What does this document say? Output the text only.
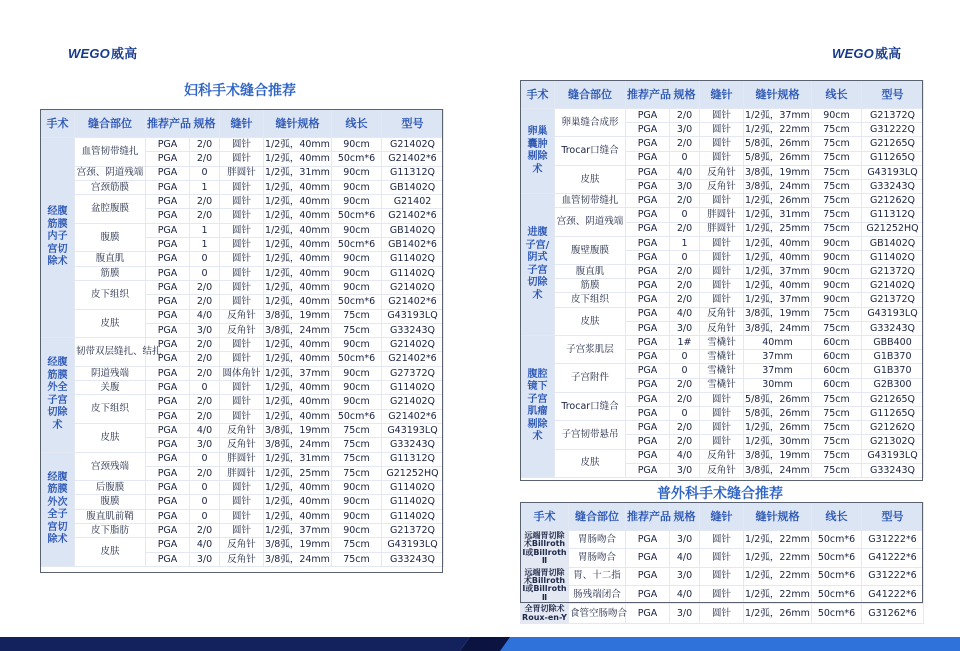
WEGO威高	WEGO威高
妇科手术缝合推荐
手术	缝合部位	推荐产品	规格	缝针	缝针规格	线长	型号
经腹筋膜内子宫切除术	血管韧带缝扎	PGA	2/0	圆针	1/2弧，40mm	90cm	G21402Q
		PGA	2/0	圆针	1/2弧，40mm	50cm*6	G21402*6
	宫颈、阴道残端	PGA	0	胖圆针	1/2弧，31mm	90cm	G11312Q
	宫颈筋膜	PGA	1	圆针	1/2弧，40mm	90cm	GB1402Q
	盆腔腹膜	PGA	2/0	圆针	1/2弧，40mm	90cm	G21402
		PGA	2/0	圆针	1/2弧，40mm	50cm*6	G21402*6
	腹膜	PGA	1	圆针	1/2弧，40mm	90cm	GB1402Q
		PGA	1	圆针	1/2弧，40mm	50cm*6	GB1402*6
	腹直肌	PGA	0	圆针	1/2弧，40mm	90cm	G11402Q
	筋膜	PGA	0	圆针	1/2弧，40mm	90cm	G11402Q
	皮下组织	PGA	2/0	圆针	1/2弧，40mm	90cm	G21402Q
		PGA	2/0	圆针	1/2弧，40mm	50cm*6	G21402*6
	皮肤	PGA	4/0	反角针	3/8弧，19mm	75cm	G43193LQ
		PGA	3/0	反角针	3/8弧，24mm	75cm	G33243Q
经腹筋膜外全子宫切除术	韧带双层缝扎、结扎	PGA	2/0	圆针	1/2弧，40mm	90cm	G21402Q
		PGA	2/0	圆针	1/2弧，40mm	50cm*6	G21402*6
	阴道残端	PGA	2/0	圆体角针	1/2弧，37mm	90cm	G27372Q
	关腹	PGA	0	圆针	1/2弧，40mm	90cm	G11402Q
	皮下组织	PGA	2/0	圆针	1/2弧，40mm	90cm	G21402Q
		PGA	2/0	圆针	1/2弧，40mm	50cm*6	G21402*6
	皮肤	PGA	4/0	反角针	3/8弧，19mm	75cm	G43193LQ
		PGA	3/0	反角针	3/8弧，24mm	75cm	G33243Q
经腹筋膜外次全子宫切除术	宫颈残端	PGA	0	胖圆针	1/2弧，31mm	75cm	G11312Q
		PGA	2/0	胖圆针	1/2弧，25mm	75cm	G21252HQ
	后腹膜	PGA	0	圆针	1/2弧，40mm	90cm	G11402Q
	腹膜	PGA	0	圆针	1/2弧，40mm	90cm	G11402Q
	腹直肌前鞘	PGA	0	圆针	1/2弧，40mm	90cm	G11402Q
	皮下脂肪	PGA	2/0	圆针	1/2弧，37mm	90cm	G21372Q
	皮肤	PGA	4/0	反角针	3/8弧，19mm	75cm	G43193LQ
		PGA	3/0	反角针	3/8弧，24mm	75cm	G33243Q
手术	缝合部位	推荐产品	规格	缝针	缝针规格	线长	型号
卵巢囊肿剔除术	卵巢缝合成形	PGA	2/0	圆针	1/2弧，37mm	90cm	G21372Q
		PGA	3/0	圆针	1/2弧，22mm	75cm	G31222Q
	Trocar口缝合	PGA	2/0	圆针	5/8弧，26mm	75cm	G21265Q
		PGA	0	圆针	5/8弧，26mm	75cm	G11265Q
	皮肤	PGA	4/0	反角针	3/8弧，19mm	75cm	G43193LQ
		PGA	3/0	反角针	3/8弧，24mm	75cm	G33243Q
进腹子宫/阴式子宫切除术	血管韧带缝扎	PGA	2/0	圆针	1/2弧，26mm	75cm	G21262Q
	宫颈、阴道残端	PGA	0	胖圆针	1/2弧，31mm	75cm	G11312Q
		PGA	2/0	胖圆针	1/2弧，25mm	75cm	G21252HQ
	腹壁腹膜	PGA	1	圆针	1/2弧，40mm	90cm	GB1402Q
		PGA	0	圆针	1/2弧，40mm	90cm	G11402Q
	腹直肌	PGA	2/0	圆针	1/2弧，37mm	90cm	G21372Q
	筋膜	PGA	2/0	圆针	1/2弧，40mm	90cm	G21402Q
	皮下组织	PGA	2/0	圆针	1/2弧，37mm	90cm	G21372Q
	皮肤	PGA	4/0	反角针	3/8弧，19mm	75cm	G43193LQ
		PGA	3/0	反角针	3/8弧，24mm	75cm	G33243Q
腹腔镜下子宫肌瘤剔除术	子宫浆肌层	PGA	1#	雪橇针	40mm	60cm	GBB400
		PGA	0	雪橇针	37mm	60cm	G1B370
	子宫附件	PGA	0	雪橇针	37mm	60cm	G1B370
		PGA	2/0	雪橇针	30mm	60cm	G2B300
	Trocar口缝合	PGA	2/0	圆针	5/8弧，26mm	75cm	G21265Q
		PGA	0	圆针	5/8弧，26mm	75cm	G11265Q
	子宫韧带悬吊	PGA	2/0	圆针	1/2弧，26mm	75cm	G21262Q
		PGA	2/0	圆针	1/2弧，30mm	75cm	G21302Q
	皮肤	PGA	4/0	反角针	3/8弧，19mm	75cm	G43193LQ
		PGA	3/0	反角针	3/8弧，24mm	75cm	G33243Q
普外科手术缝合推荐
手术	缝合部位	推荐产品	规格	缝针	缝针规格	线长	型号
远端胃切除术Billroth Ⅰ或Billroth Ⅱ	胃肠吻合	PGA	3/0	圆针	1/2弧，22mm	50cm*6	G31222*6
	胃肠吻合	PGA	4/0	圆针	1/2弧，22mm	50cm*6	G41222*6
远端胃切除术Billroth Ⅰ或Billroth Ⅱ	胃、十二指	PGA	3/0	圆针	1/2弧，22mm	50cm*6	G31222*6
	肠残端闭合	PGA	4/0	圆针	1/2弧，22mm	50cm*6	G41222*6
全胃切除术Roux-en-Y	食管空肠吻合	PGA	3/0	圆针	1/2弧，26mm	50cm*6	G31262*6
